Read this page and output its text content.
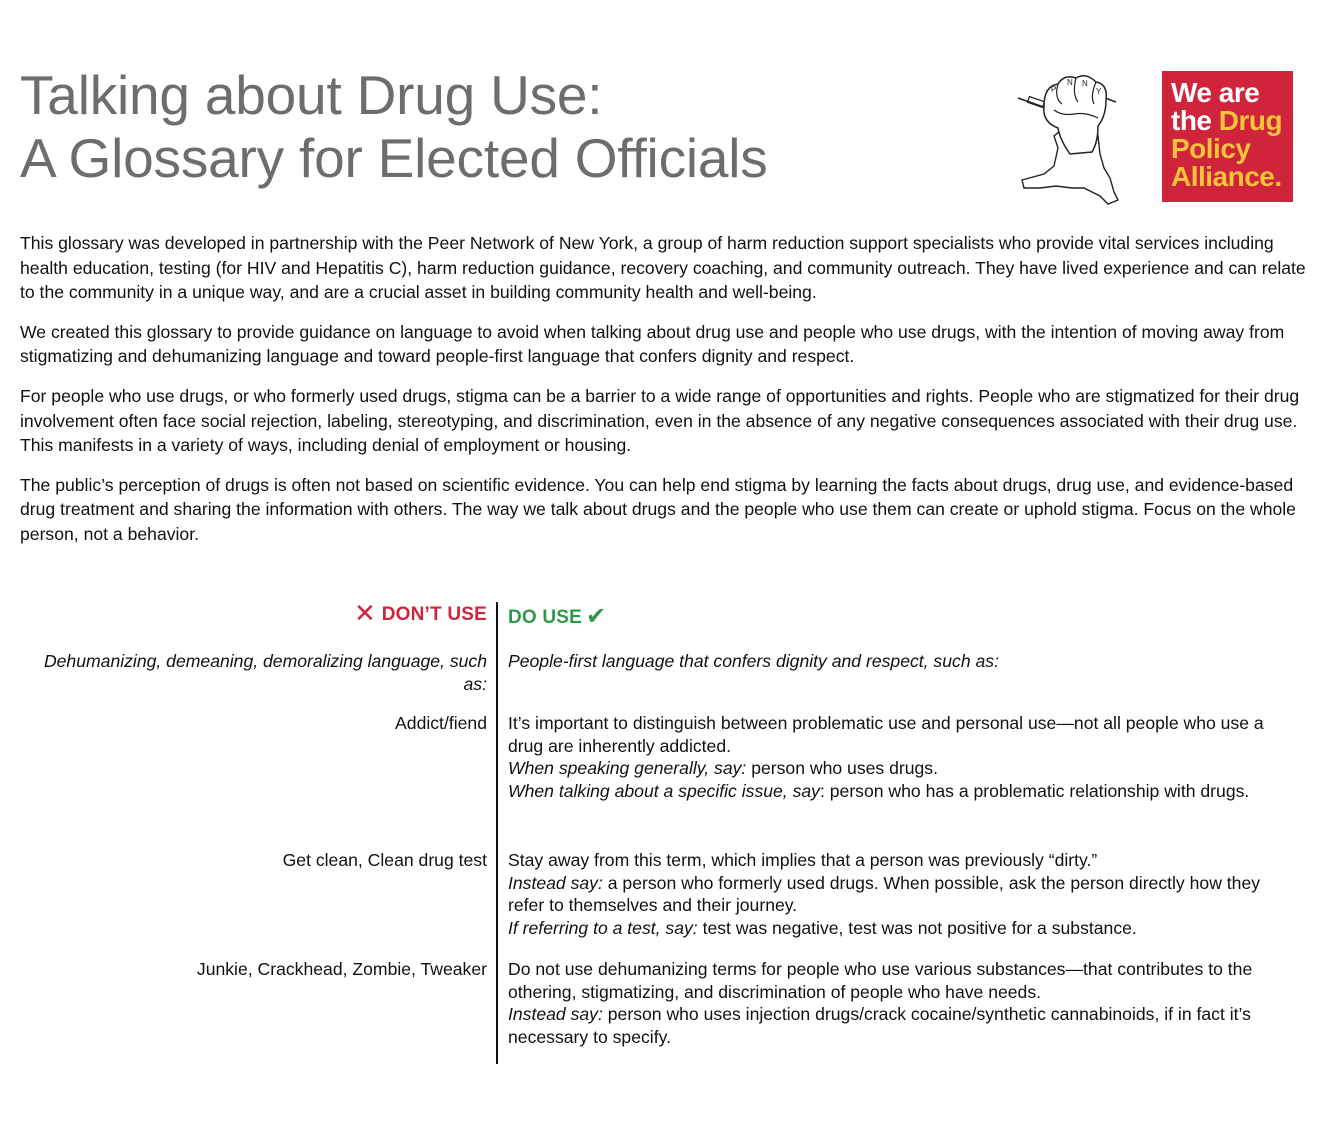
Talking about Drug Use:
A Glossary for Elected Officials
P
N N
Y We are
the Drug
Policy
Alliance.

This glossary was developed in partnership with the Peer Network of New York, a group of harm reduction support specialists who provide vital services including health education, testing (for HIV and Hepatitis C), harm reduction guidance, recovery coaching, and community outreach. They have lived experience and can relate to the community in a unique way, and are a crucial asset in building community health and well-being.

We created this glossary to provide guidance on language to avoid when talking about drug use and people who use drugs, with the intention of moving away from stigmatizing and dehumanizing language and toward people-first language that confers dignity and respect.

For people who use drugs, or who formerly used drugs, stigma can be a barrier to a wide range of opportunities and rights. People who are stigmatized for their drug involvement often face social rejection, labeling, stereotyping, and discrimination, even in the absence of any negative consequences associated with their drug use. This manifests in a variety of ways, including denial of employment or housing.

The public’s perception of drugs is often not based on scientific evidence. You can help end stigma by learning the facts about drugs, drug use, and evidence-based drug treatment and sharing the information with others. The way we talk about drugs and the people who use them can create or uphold stigma. Focus on the whole person, not a behavior.

✕ DON’T USE DO USE ✔
Dehumanizing, demeaning, demoralizing language, such as:
People-first language that confers dignity and respect, such as:
Addict/fiend It’s important to distinguish between problematic use and personal use—not all people who use a drug are inherently addicted.
When speaking generally, say: person who uses drugs.
When talking about a specific issue, say: person who has a problematic relationship with drugs.
Get clean, Clean drug test Stay away from this term, which implies that a person was previously “dirty.”
Instead say: a person who formerly used drugs. When possible, ask the person directly how they refer to themselves and their journey.
If referring to a test, say: test was negative, test was not positive for a substance.
Junkie, Crackhead, Zombie, Tweaker Do not use dehumanizing terms for people who use various substances—that contributes to the othering, stigmatizing, and discrimination of people who have needs.
Instead say: person who uses injection drugs/crack cocaine/synthetic cannabinoids, if in fact it’s necessary to specify.
